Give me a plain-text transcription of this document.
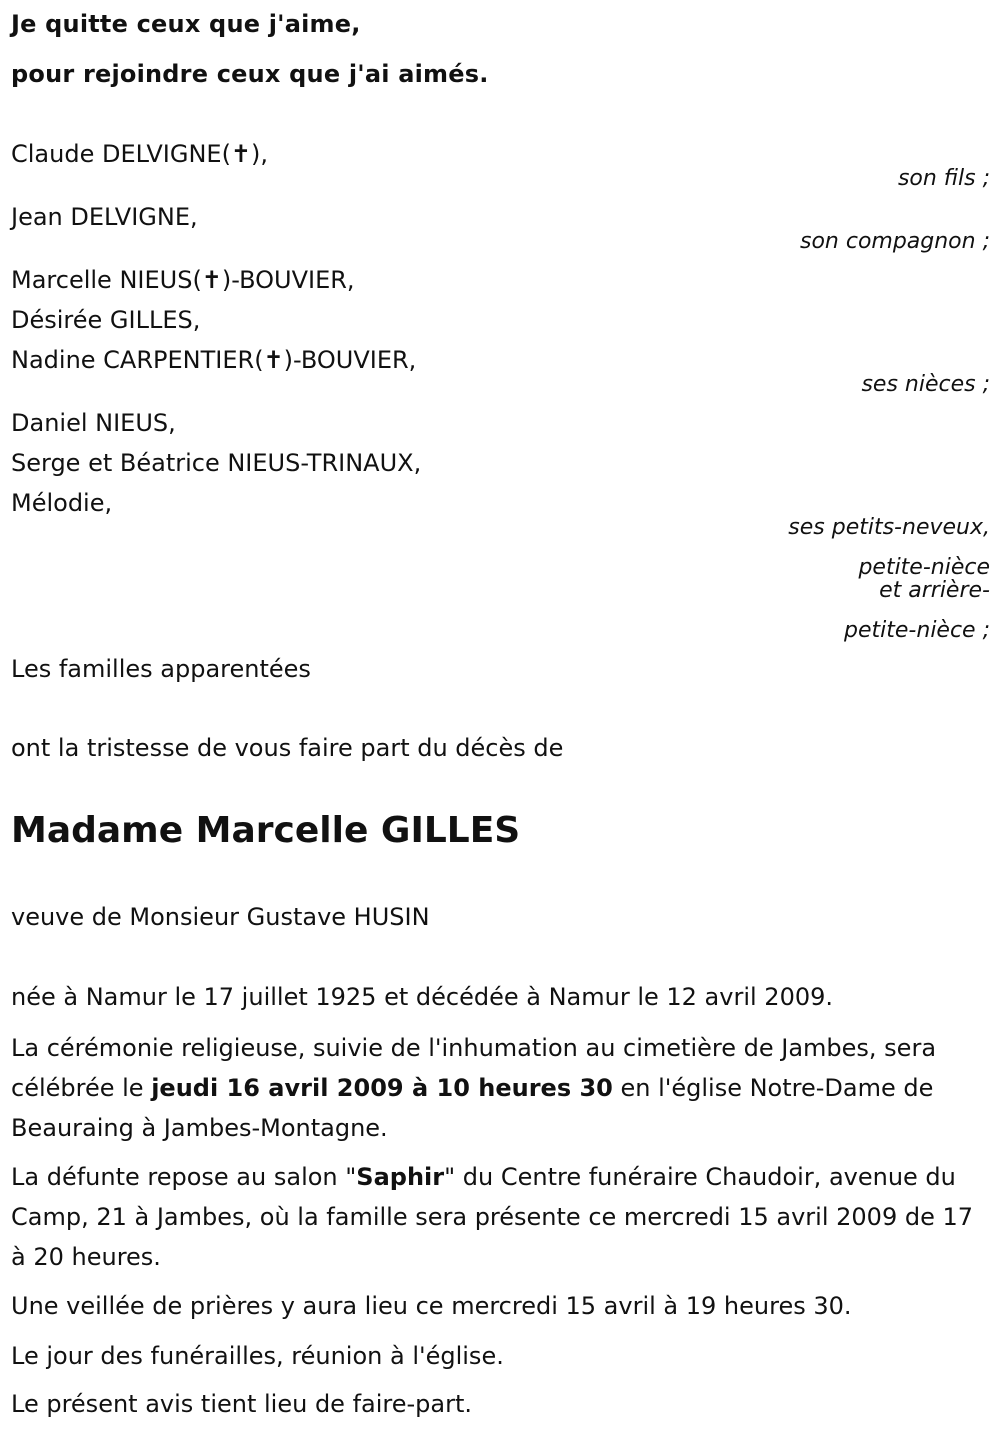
Je quitte ceux que j'aime,
pour rejoindre ceux que j'ai aimés.
Claude DELVIGNE(✝),
son fils ;
Jean DELVIGNE,
son compagnon ;
Marcelle NIEUS(✝)-BOUVIER,
Désirée GILLES,
Nadine CARPENTIER(✝)-BOUVIER,
ses nièces ;
Daniel NIEUS,
Serge et Béatrice NIEUS-TRINAUX,
Mélodie,
ses petits-neveux,
petite-nièce
et arrière-
petite-nièce ;
Les familles apparentées
ont la tristesse de vous faire part du décès de
Madame Marcelle GILLES
veuve de Monsieur Gustave HUSIN
née à Namur le 17 juillet 1925 et décédée à Namur le 12 avril 2009.
La cérémonie religieuse, suivie de l'inhumation au cimetière de Jambes, sera célébrée le jeudi 16 avril 2009 à 10 heures 30 en l'église Notre-Dame de Beauraing à Jambes-Montagne.
La défunte repose au salon "Saphir" du Centre funéraire Chaudoir, avenue du Camp, 21 à Jambes, où la famille sera présente ce mercredi 15 avril 2009 de 17 à 20 heures.
Une veillée de prières y aura lieu ce mercredi 15 avril à 19 heures 30.
Le jour des funérailles, réunion à l'église.
Le présent avis tient lieu de faire-part.
